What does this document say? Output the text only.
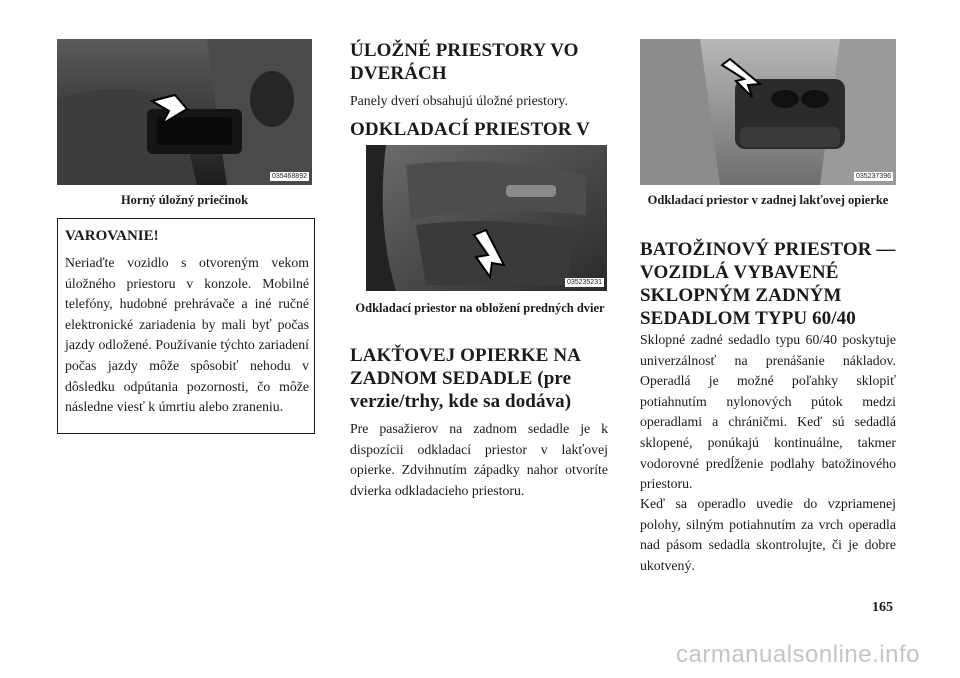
035468892
Horný úložný priečinok
VAROVANIE!

Neriaďte vozidlo s otvoreným vekom úložného priestoru v konzole. Mobilné telefóny, hudobné prehrávače a iné ručné elektronické zariadenia by mali byť počas jazdy odložené. Používanie týchto zariadení počas jazdy môže spôsobiť nehodu v dôsledku odpútania pozornosti, čo môže následne viesť k úmrtiu alebo zraneniu.

ÚLOŽNÉ PRIESTORY VO DVERÁCH

Panely dverí obsahujú úložné priestory.

ODKLADACÍ PRIESTOR V
035235231
Odkladací priestor na obložení predných dvier
LAKŤOVEJ OPIERKE NA ZADNOM SEDADLE (pre verzie/trhy, kde sa dodáva)

Pre pasažierov na zadnom sedadle je k dispozícii odkladací priestor v lakťovej opierke. Zdvihnutím západky nahor otvoríte dvierka odkladacieho priestoru.

035237396
Odkladací priestor v zadnej lakťovej opierke
BATOŽINOVÝ PRIESTOR — VOZIDLÁ VYBAVENÉ SKLOPNÝM ZADNÝM SEDADLOM TYPU 60/40

Sklopné zadné sedadlo typu 60/40 poskytuje univerzálnosť na prenášanie nákladov. Operadlá je možné poľahky sklopiť potiahnutím nylonových pútok medzi operadlami a chráničmi. Keď sú sedadlá sklopené, ponúkajú kontinuálne, takmer vodorovné predĺženie podlahy batožinového priestoru.

Keď sa operadlo uvedie do vzpriamenej polohy, silným potiahnutím za vrch operadla nad pásom sedadla skontrolujte, či je dobre ukotvený.

165
carmanualsonline.info
